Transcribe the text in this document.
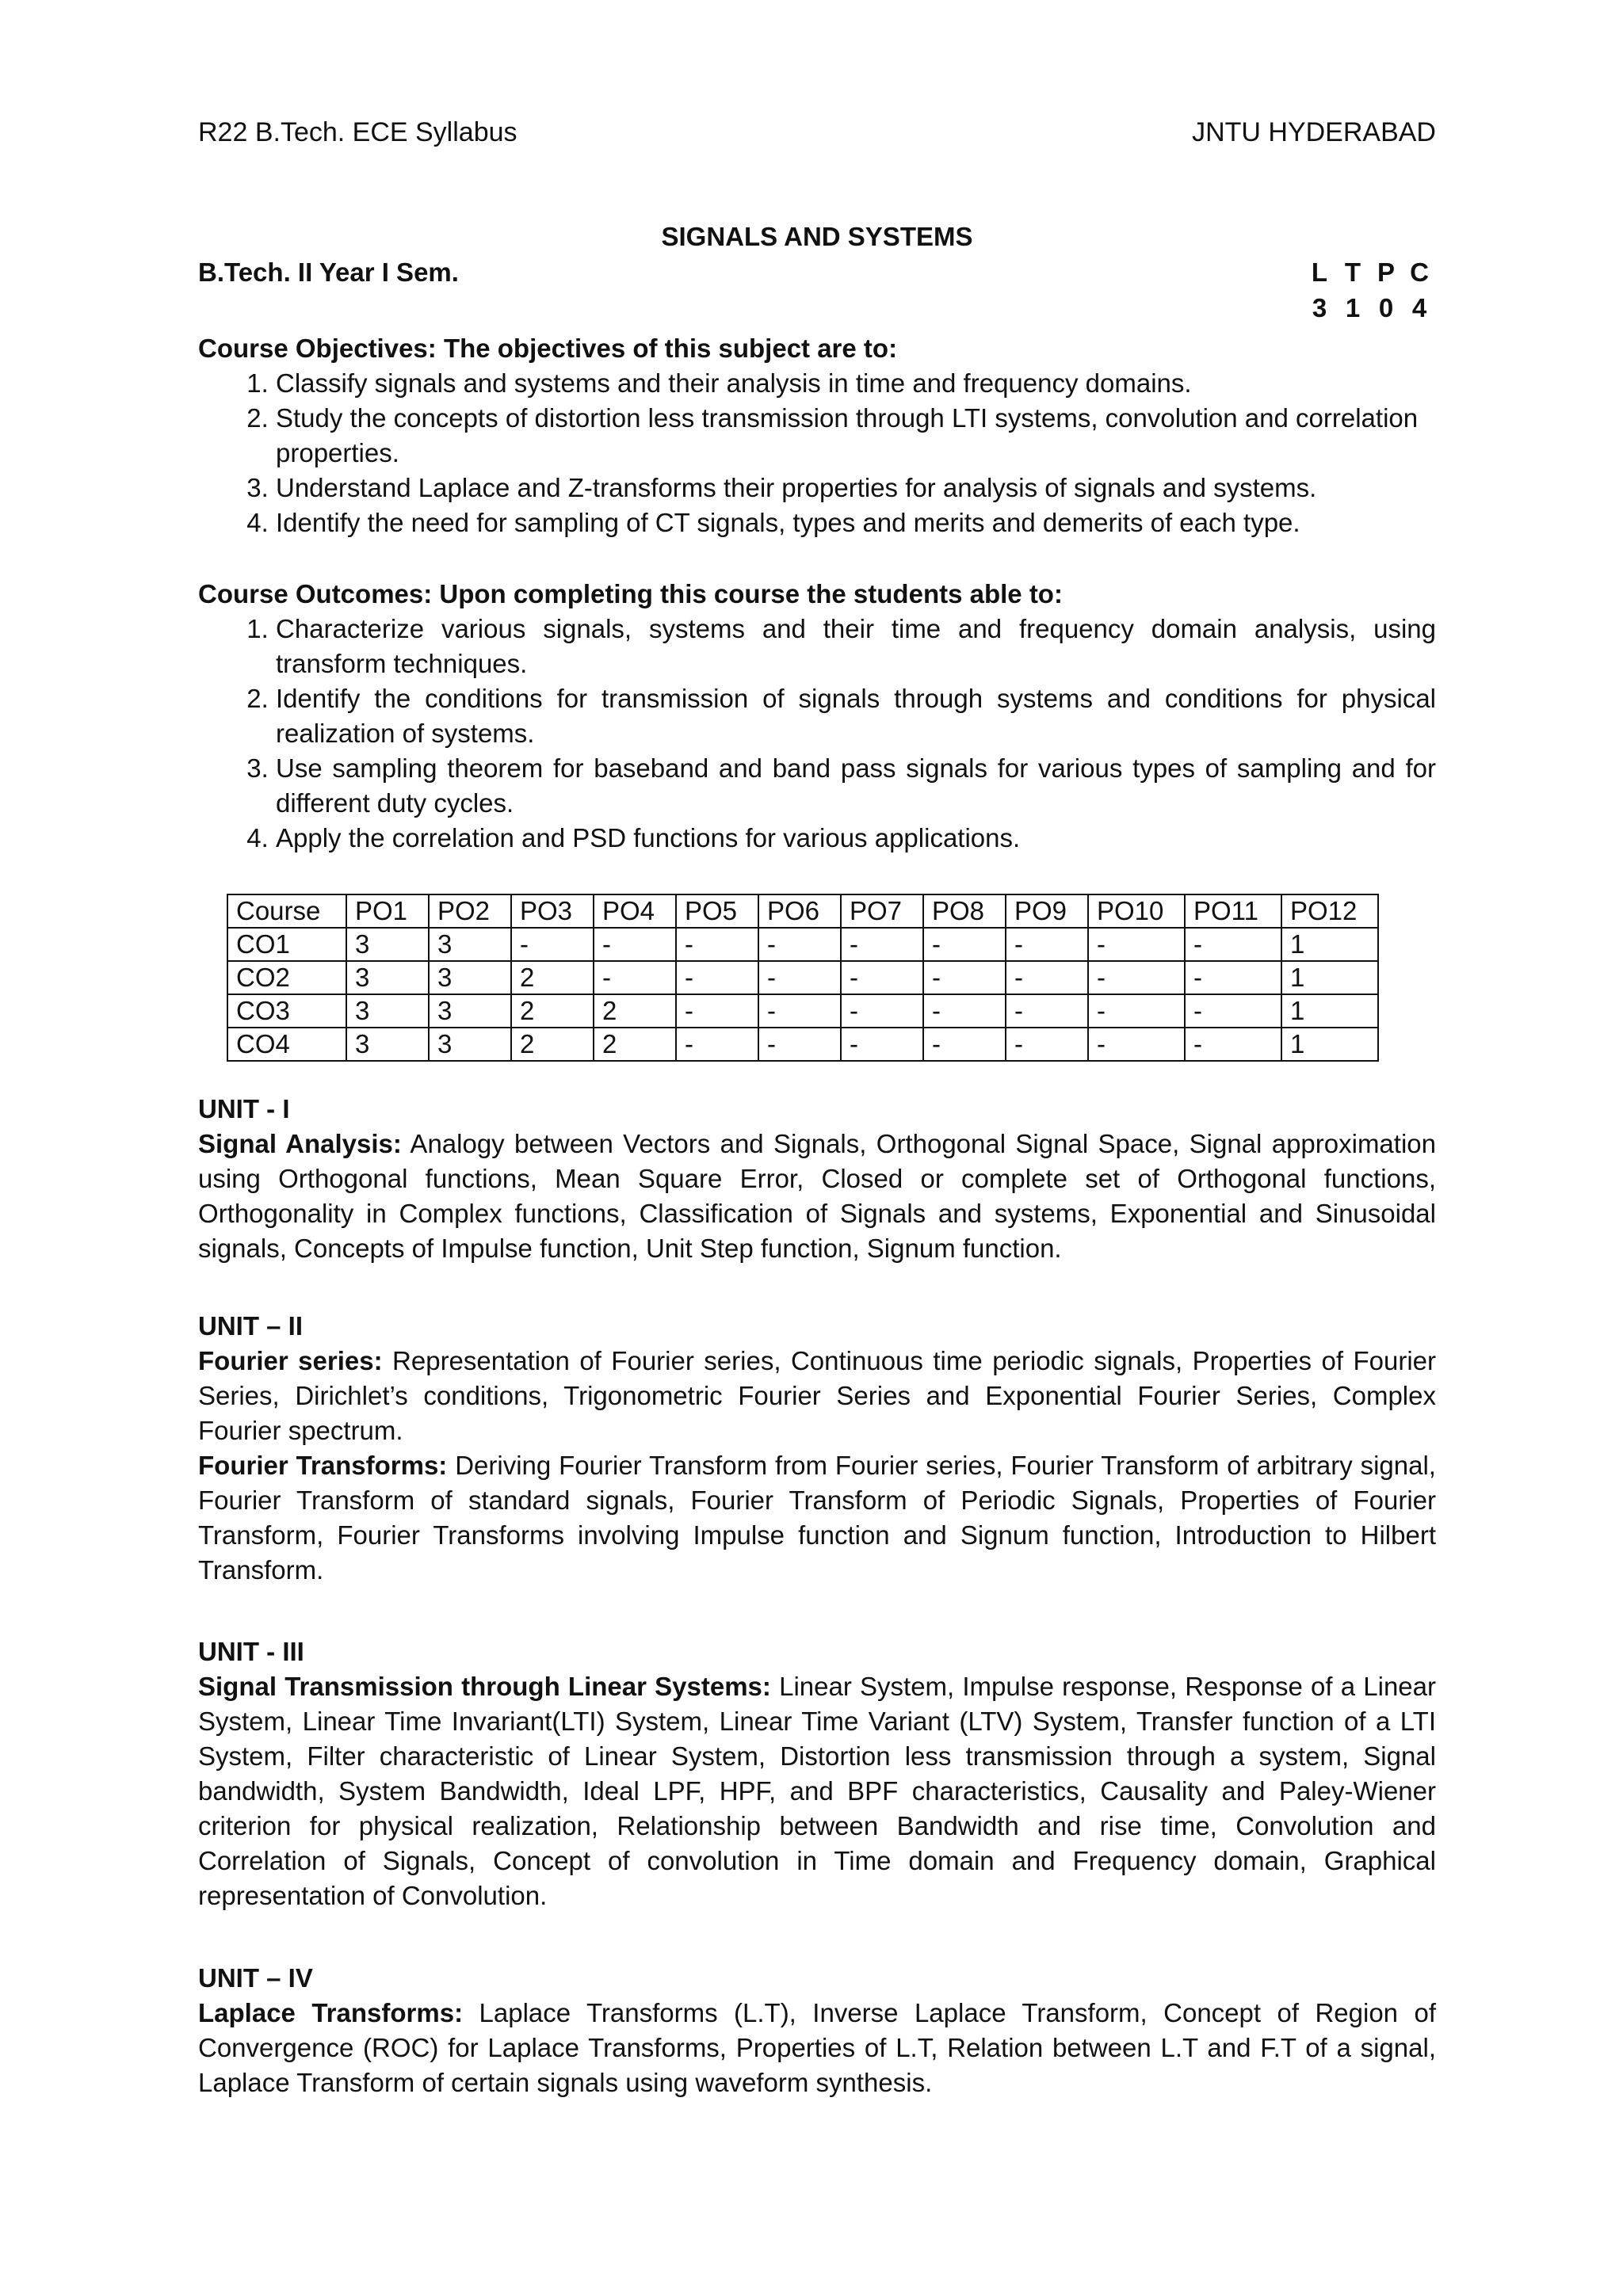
R22 B.Tech. ECE Syllabus	JNTU HYDERABAD
SIGNALS AND SYSTEMS
B.Tech. II Year I Sem.	L T P C
3 1 0 4
Course Objectives: The objectives of this subject are to:
1. Classify signals and systems and their analysis in time and frequency domains.
2. Study the concepts of distortion less transmission through LTI systems, convolution and correlation properties.
3. Understand Laplace and Z-transforms their properties for analysis of signals and systems.
4. Identify the need for sampling of CT signals, types and merits and demerits of each type.
Course Outcomes: Upon completing this course the students able to:
1. Characterize various signals, systems and their time and frequency domain analysis, using transform techniques.
2. Identify the conditions for transmission of signals through systems and conditions for physical realization of systems.
3. Use sampling theorem for baseband and band pass signals for various types of sampling and for different duty cycles.
4. Apply the correlation and PSD functions for various applications.
Course	PO1	PO2	PO3	PO4	PO5	PO6	PO7	PO8	PO9	PO10	PO11	PO12
CO1	3	3	-	-	-	-	-	-	-	-	-	1
CO2	3	3	2	-	-	-	-	-	-	-	-	1
CO3	3	3	2	2	-	-	-	-	-	-	-	1
CO4	3	3	2	2	-	-	-	-	-	-	-	1
UNIT - I
Signal Analysis: Analogy between Vectors and Signals, Orthogonal Signal Space, Signal approximation using Orthogonal functions, Mean Square Error, Closed or complete set of Orthogonal functions, Orthogonality in Complex functions, Classification of Signals and systems, Exponential and Sinusoidal signals, Concepts of Impulse function, Unit Step function, Signum function.
UNIT – II
Fourier series: Representation of Fourier series, Continuous time periodic signals, Properties of Fourier Series, Dirichlet’s conditions, Trigonometric Fourier Series and Exponential Fourier Series, Complex Fourier spectrum.
Fourier Transforms: Deriving Fourier Transform from Fourier series, Fourier Transform of arbitrary signal, Fourier Transform of standard signals, Fourier Transform of Periodic Signals, Properties of Fourier Transform, Fourier Transforms involving Impulse function and Signum function, Introduction to Hilbert Transform.
UNIT - III
Signal Transmission through Linear Systems: Linear System, Impulse response, Response of a Linear System, Linear Time Invariant(LTI) System, Linear Time Variant (LTV) System, Transfer function of a LTI System, Filter characteristic of Linear System, Distortion less transmission through a system, Signal bandwidth, System Bandwidth, Ideal LPF, HPF, and BPF characteristics, Causality and Paley-Wiener criterion for physical realization, Relationship between Bandwidth and rise time, Convolution and Correlation of Signals, Concept of convolution in Time domain and Frequency domain, Graphical representation of Convolution.
UNIT – IV
Laplace Transforms: Laplace Transforms (L.T), Inverse Laplace Transform, Concept of Region of Convergence (ROC) for Laplace Transforms, Properties of L.T, Relation between L.T and F.T of a signal, Laplace Transform of certain signals using waveform synthesis.
